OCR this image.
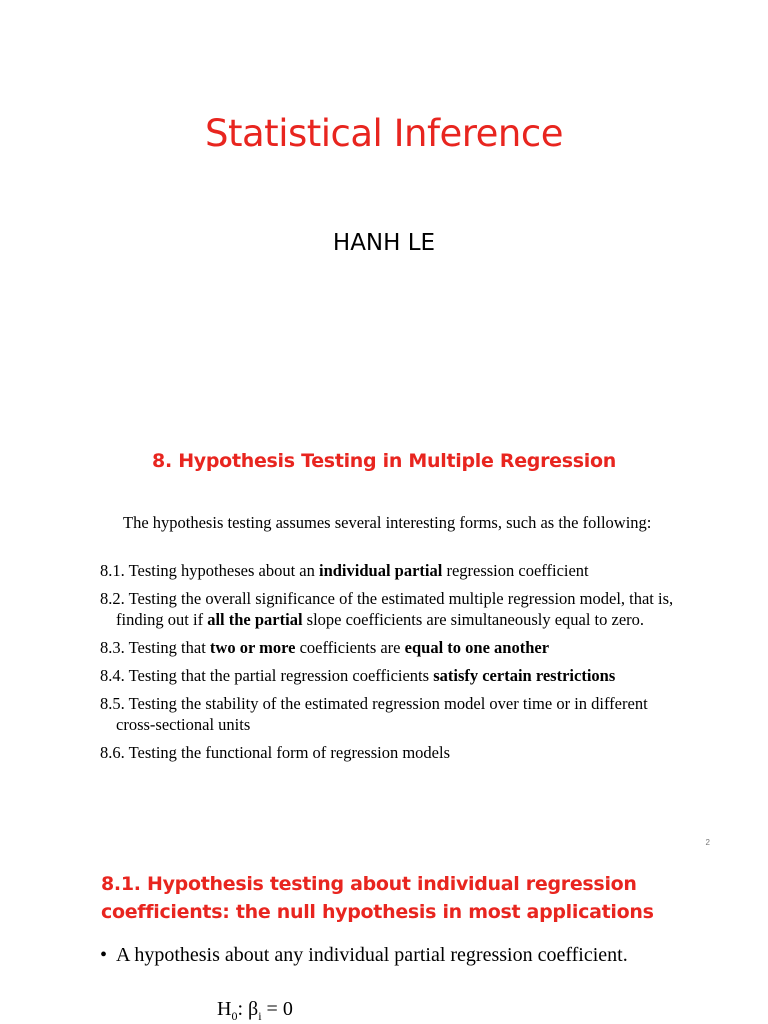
Statistical Inference

HANH LE

8. Hypothesis Testing in Multiple Regression

The hypothesis testing assumes several interesting forms, such as the following:

8.1. Testing hypotheses about an individual partial regression coefficient
8.2. Testing the overall significance of the estimated multiple regression model, that is, finding out if all the partial slope coefficients are simultaneously equal to zero.
8.3. Testing that two or more coefficients are equal to one another
8.4. Testing that the partial regression coefficients satisfy certain restrictions
8.5. Testing the stability of the estimated regression model over time or in different cross-sectional units
8.6. Testing the functional form of regression models
2
8.1. Hypothesis testing about individual regression coefficients: the null hypothesis in most applications

• A hypothesis about any individual partial regression coefficient.

$H_0$: $\beta_i = 0$
